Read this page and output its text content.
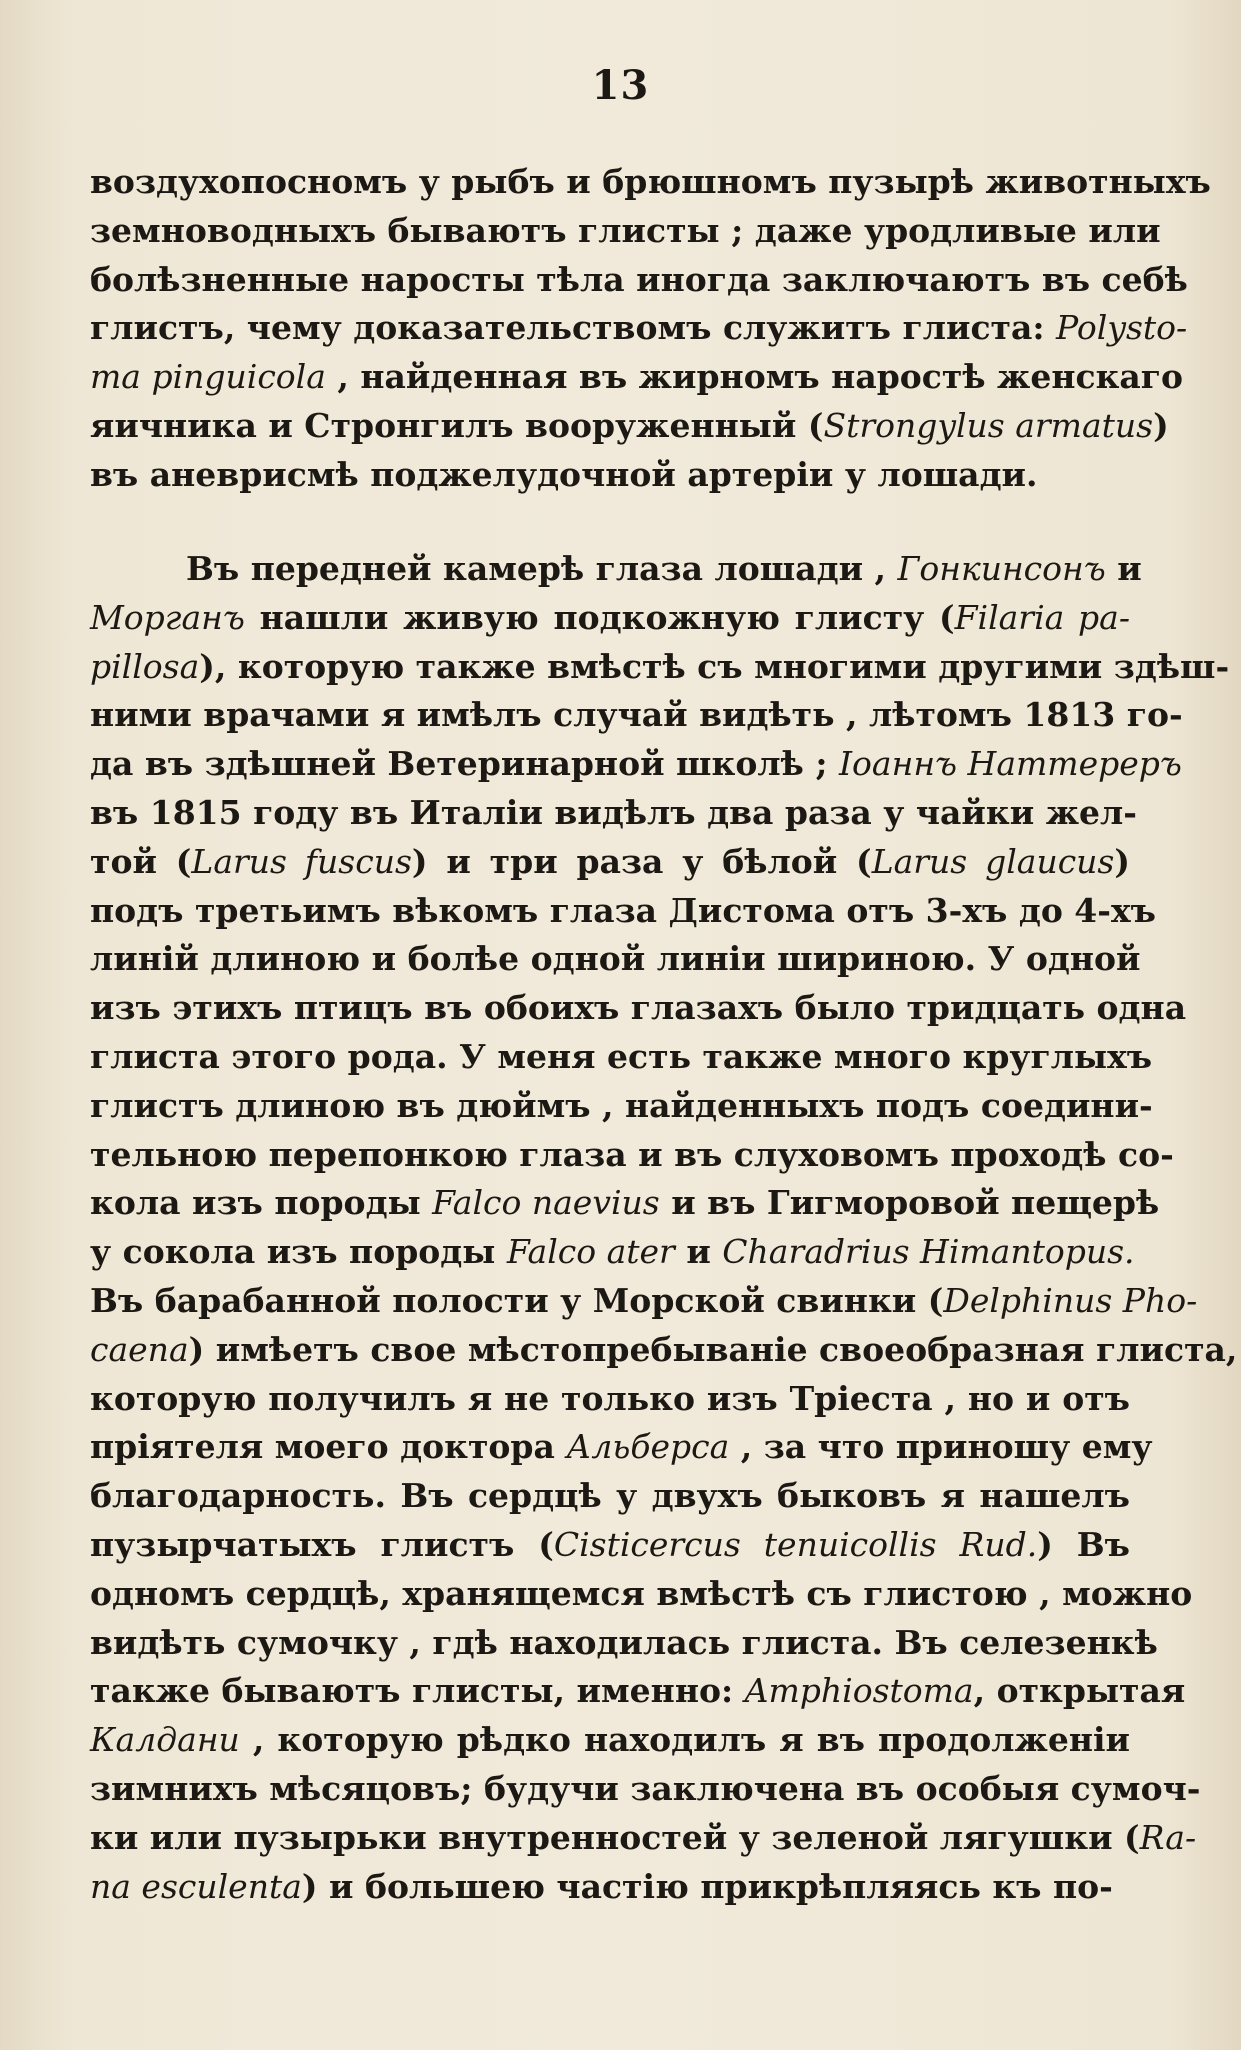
13
воздухопосномъ у рыбъ и брюшномъ пузырѣ животныхъ
земноводныхъ бываютъ глисты ; даже уродливые или
болѣзненные наросты тѣла иногда заключаютъ въ себѣ
глистъ, чему доказательствомъ служитъ глиста: Polysto-
ma pinguicola , найденная въ жирномъ наростѣ женскаго
яичника и Стронгилъ вооруженный (Strongylus armatus)
въ аневрисмѣ поджелудочной артеріи у лошади.
Въ передней камерѣ глаза лошади , Гонкинсонъ и
Морганъ нашли живую подкожную глисту (Filaria pa-
pillosa), которую также вмѣстѣ съ многими другими здѣш-
ними врачами я имѣлъ случай видѣть , лѣтомъ 1813 го-
да въ здѣшней Ветеринарной школѣ ; Іоаннъ Наттереръ
въ 1815 году въ Италіи видѣлъ два раза у чайки жел-
той (Larus fuscus) и три раза у бѣлой (Larus glaucus)
подъ третьимъ вѣкомъ глаза Дистома отъ 3-хъ до 4-хъ
линій длиною и болѣе одной линіи шириною. У одной
изъ этихъ птицъ въ обоихъ глазахъ было тридцать одна
глиста этого рода. У меня есть также много круглыхъ
глистъ длиною въ дюймъ , найденныхъ подъ соедини-
тельною перепонкою глаза и въ слуховомъ проходѣ со-
кола изъ породы Falco naevius и въ Гигморовой пещерѣ
у сокола изъ породы Falco ater и Charadrius Himantopus.
Въ барабанной полости у Морской свинки (Delphinus Pho-
caena) имѣетъ свое мѣстопребываніе своеобразная глиста,
которую получилъ я не только изъ Тріеста , но и отъ
пріятеля моего доктора Альберса , за что приношу ему
благодарность. Въ сердцѣ у двухъ быковъ я нашелъ
пузырчатыхъ глистъ (Cisticercus tenuicollis Rud.) Въ
одномъ сердцѣ, хранящемся вмѣстѣ съ глистою , можно
видѣть сумочку , гдѣ находилась глиста. Въ селезенкѣ
также бываютъ глисты, именно: Amphiostoma, открытая
Калдани , которую рѣдко находилъ я въ продолженіи
зимнихъ мѣсяцовъ; будучи заключена въ особыя сумоч-
ки или пузырьки внутренностей у зеленой лягушки (Ra-
na esculenta) и большею частію прикрѣпляясь къ по-
